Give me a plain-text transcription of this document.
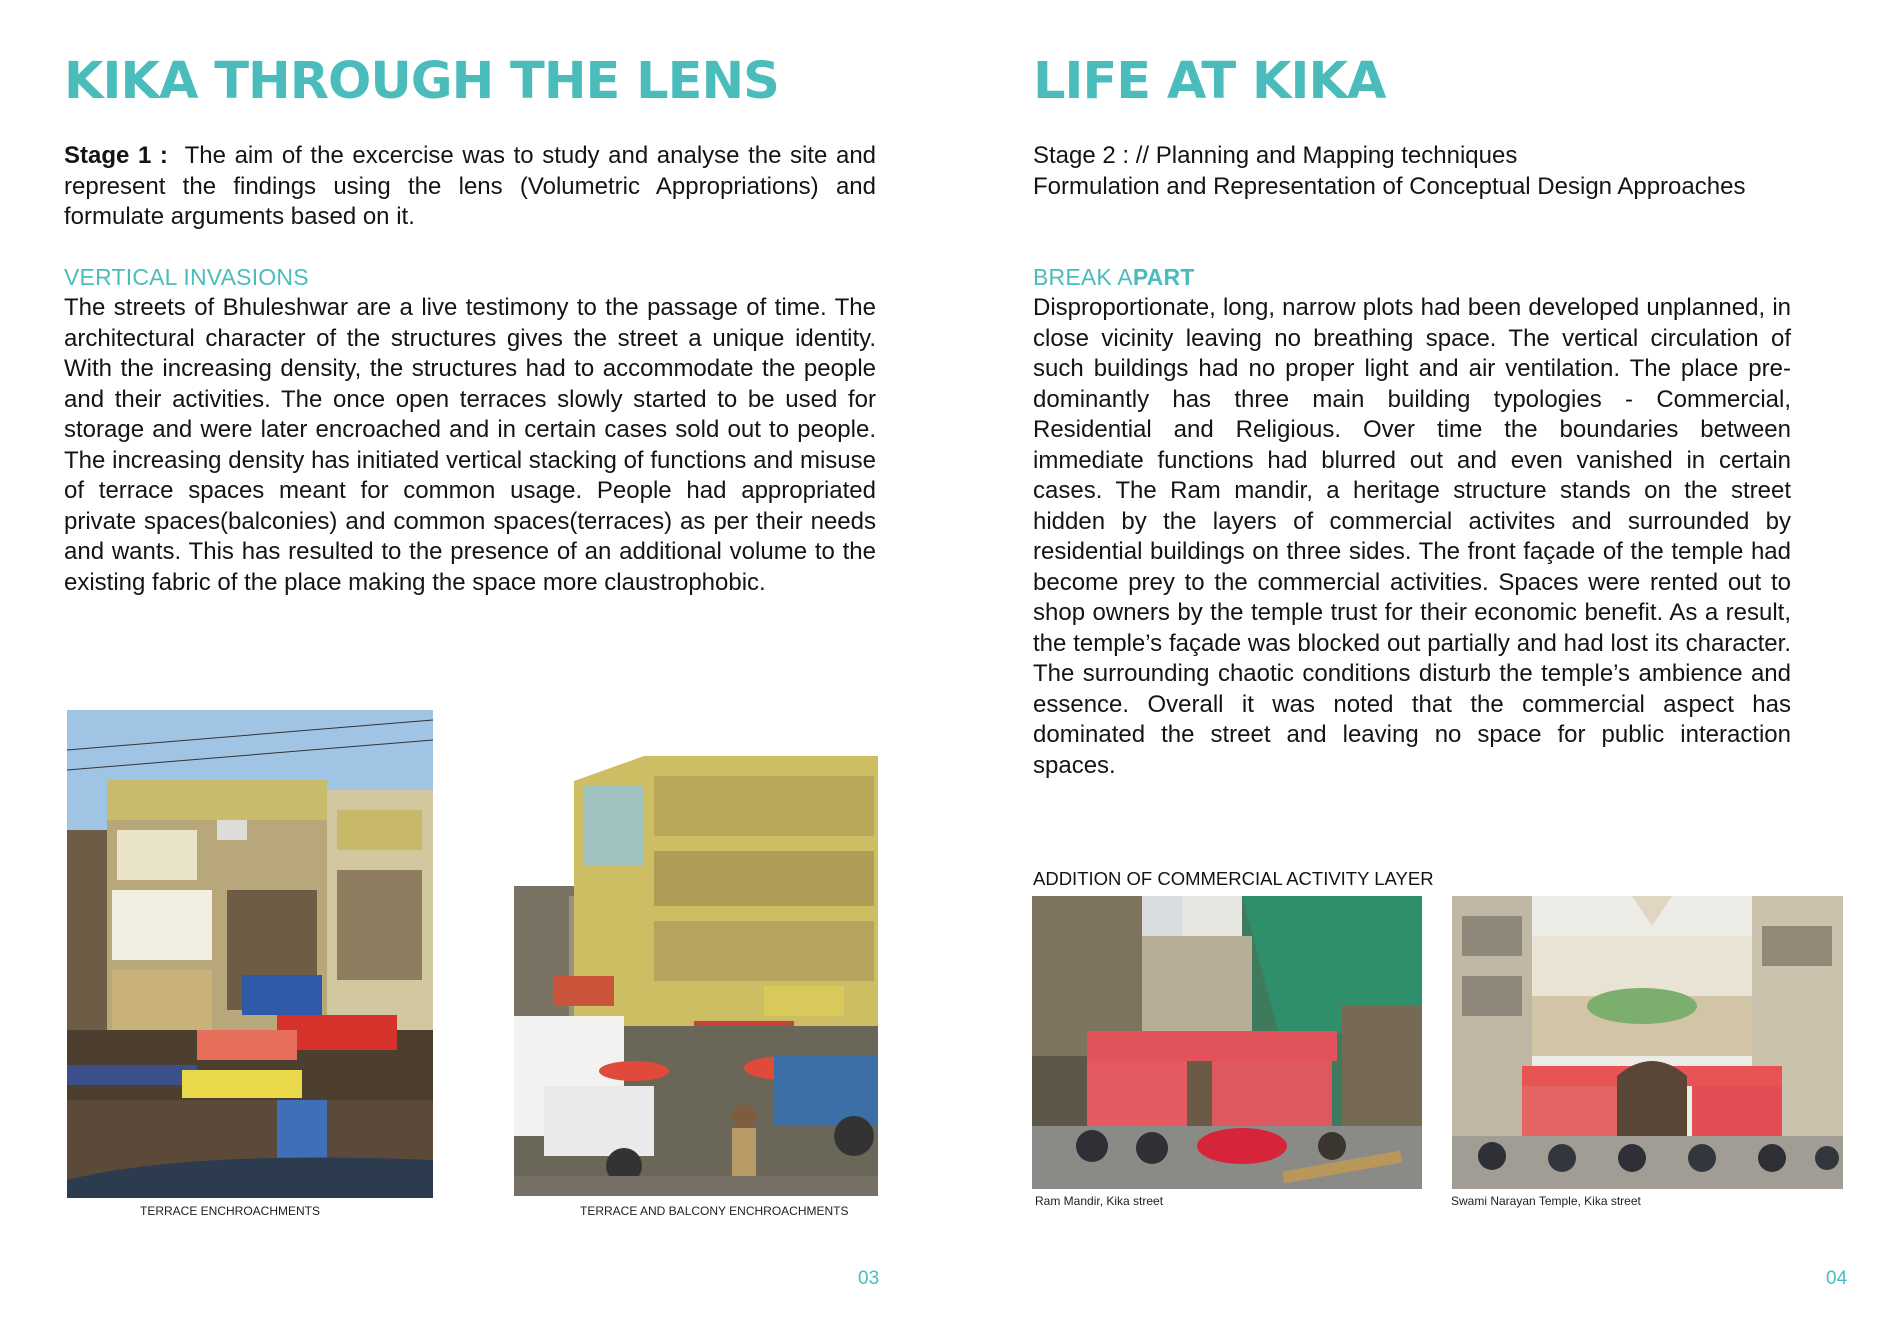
KIKA THROUGH THE LENS

Stage 1 : The aim of the excercise was to study and analyse the site and represent the findings using the lens (Volumetric Appropriations) and formulate arguments based on it.

VERTICAL INVASIONS

The streets of Bhuleshwar are a live testimony to the passage of time. The architectural character of the structures gives the street a unique identity. With the increasing density, the structures had to accommodate the people and their activities. The once open terraces slowly started to be used for storage and were later encroached and in certain cases sold out to people. The increasing density has initiated vertical stacking of functions and misuse of terrace spaces meant for common usage. People had appropriated private spaces(balconies) and common spaces(terraces) as per their needs and wants. This has resulted to the presence of an additional volume to the existing fabric of the place making the space more claustrophobic.

TERRACE ENCHROACHMENTS	TERRACE AND BALCONY ENCHROACHMENTS
03
LIFE AT KIKA
Stage 2 : // Planning and Mapping techniques
Formulation and Representation of Conceptual Design Approaches
BREAK APART

Disproportionate, long, narrow plots had been developed unplanned, in close vicinity leaving no breathing space. The vertical circulation of such buildings had no proper light and air ventilation. The place pre-dominantly has three main building typologies - Commercial, Residential and Religious. Over time the boundaries between immediate functions had blurred out and even vanished in certain cases. The Ram mandir, a heritage structure stands on the street hidden by the layers of commercial activites and surrounded by residential buildings on three sides. The front façade of the temple had become prey to the commercial activities. Spaces were rented out to shop owners by the temple trust for their economic benefit. As a result, the temple’s façade was blocked out partially and had lost its character. The surrounding chaotic conditions disturb the temple’s ambience and essence. Overall it was noted that the commercial aspect has dominated the street and leaving no space for public interaction spaces.

ADDITION OF COMMERCIAL ACTIVITY LAYER
Ram Mandir, Kika street	Swami Narayan Temple, Kika street
04
